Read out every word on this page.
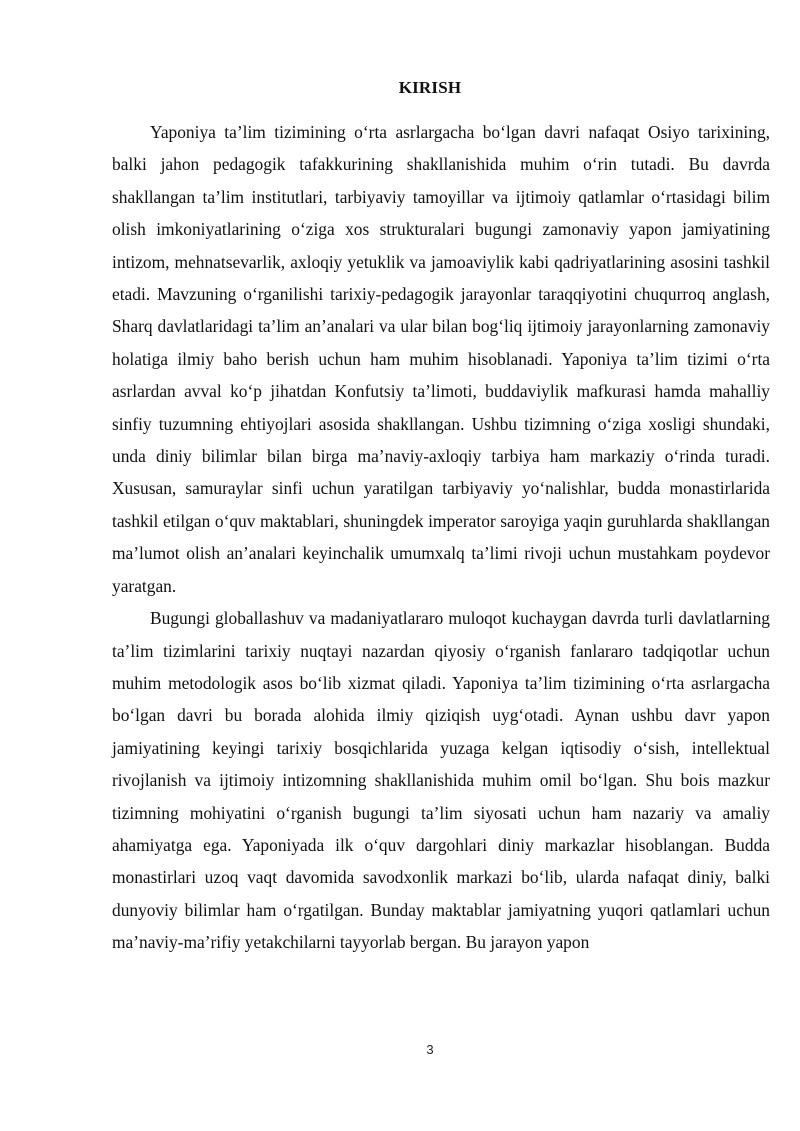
KIRISH

Yaponiya ta’lim tizimining o‘rta asrlargacha bo‘lgan davri nafaqat Osiyo tarixining, balki jahon pedagogik tafakkurining shakllanishida muhim o‘rin tutadi. Bu davrda shakllangan ta’lim institutlari, tarbiyaviy tamoyillar va ijtimoiy qatlamlar o‘rtasidagi bilim olish imkoniyatlarining o‘ziga xos strukturalari bugungi zamonaviy yapon jamiyatining intizom, mehnatsevarlik, axloqiy yetuklik va jamoaviylik kabi qadriyatlarining asosini tashkil etadi. Mavzuning o‘rganilishi tarixiy-pedagogik jarayonlar taraqqiyotini chuqurroq anglash, Sharq davlatlaridagi ta’lim an’analari va ular bilan bog‘liq ijtimoiy jarayonlarning zamonaviy holatiga ilmiy baho berish uchun ham muhim hisoblanadi. Yaponiya ta’lim tizimi o‘rta asrlardan avval ko‘p jihatdan Konfutsiy ta’limoti, buddaviylik mafkurasi hamda mahalliy sinfiy tuzumning ehtiyojlari asosida shakllangan. Ushbu tizimning o‘ziga xosligi shundaki, unda diniy bilimlar bilan birga ma’naviy-axloqiy tarbiya ham markaziy o‘rinda turadi. Xususan, samuraylar sinfi uchun yaratilgan tarbiyaviy yo‘nalishlar, budda monastirlarida tashkil etilgan o‘quv maktablari, shuningdek imperator saroyiga yaqin guruhlarda shakllangan ma’lumot olish an’analari keyinchalik umumxalq ta’limi rivoji uchun mustahkam poydevor yaratgan.

Bugungi globallashuv va madaniyatlararo muloqot kuchaygan davrda turli davlatlarning ta’lim tizimlarini tarixiy nuqtayi nazardan qiyosiy o‘rganish fanlararo tadqiqotlar uchun muhim metodologik asos bo‘lib xizmat qiladi. Yaponiya ta’lim tizimining o‘rta asrlargacha bo‘lgan davri bu borada alohida ilmiy qiziqish uyg‘otadi. Aynan ushbu davr yapon jamiyatining keyingi tarixiy bosqichlarida yuzaga kelgan iqtisodiy o‘sish, intellektual rivojlanish va ijtimoiy intizomning shakllanishida muhim omil bo‘lgan. Shu bois mazkur tizimning mohiyatini o‘rganish bugungi ta’lim siyosati uchun ham nazariy va amaliy ahamiyatga ega. Yaponiyada ilk o‘quv dargohlari diniy markazlar hisoblangan. Budda monastirlari uzoq vaqt davomida savodxonlik markazi bo‘lib, ularda nafaqat diniy, balki dunyoviy bilimlar ham o‘rgatilgan. Bunday maktablar jamiyatning yuqori qatlamlari uchun ma’naviy-ma’rifiy yetakchilarni tayyorlab bergan. Bu jarayon yapon

3
